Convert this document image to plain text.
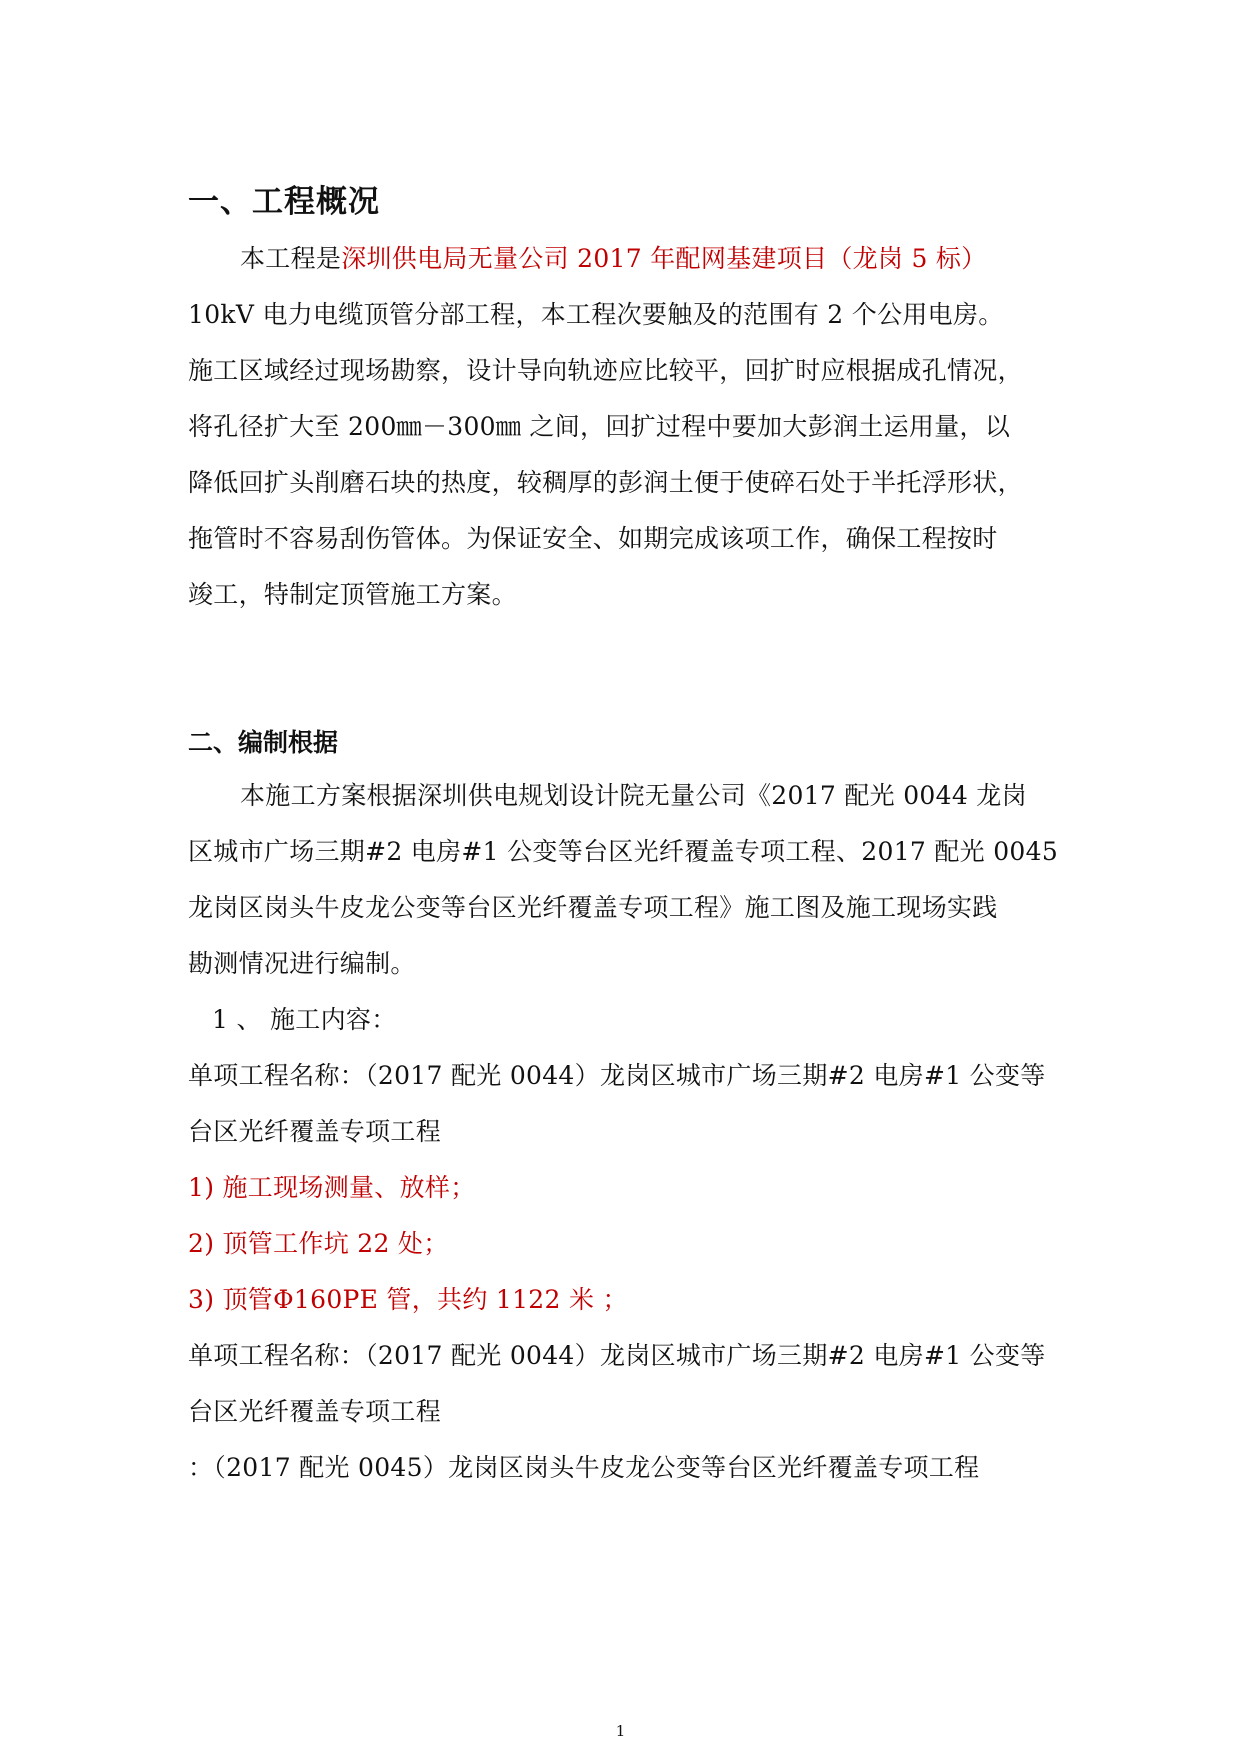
一、工程概况
本工程是深圳供电局无量公司 2017 年配网基建项目（龙岗 5 标）
10kV 电力电缆顶管分部工程，本工程次要触及的范围有 2 个公用电房。
施工区域经过现场勘察，设计导向轨迹应比较平，回扩时应根据成孔情况，
将孔径扩大至 200㎜－300㎜ 之间，回扩过程中要加大彭润土运用量，以
降低回扩头削磨石块的热度，较稠厚的彭润土便于使碎石处于半托浮形状，
拖管时不容易刮伤管体。为保证安全、如期完成该项工作，确保工程按时
竣工，特制定顶管施工方案。
二、编制根据
本施工方案根据深圳供电规划设计院无量公司《2017 配光 0044 龙岗
区城市广场三期#2 电房#1 公变等台区光纤覆盖专项工程、2017 配光 0045
龙岗区岗头牛皮龙公变等台区光纤覆盖专项工程》施工图及施工现场实践
勘测情况进行编制。
1 、 施工内容：
单项工程名称：（2017 配光 0044）龙岗区城市广场三期#2 电房#1 公变等
台区光纤覆盖专项工程
1) 施工现场测量、放样；
2) 顶管工作坑 22 处；
3) 顶管Φ160PE 管，共约 1122 米 ；
单项工程名称：（2017 配光 0044）龙岗区城市广场三期#2 电房#1 公变等
台区光纤覆盖专项工程
：（2017 配光 0045）龙岗区岗头牛皮龙公变等台区光纤覆盖专项工程
1
